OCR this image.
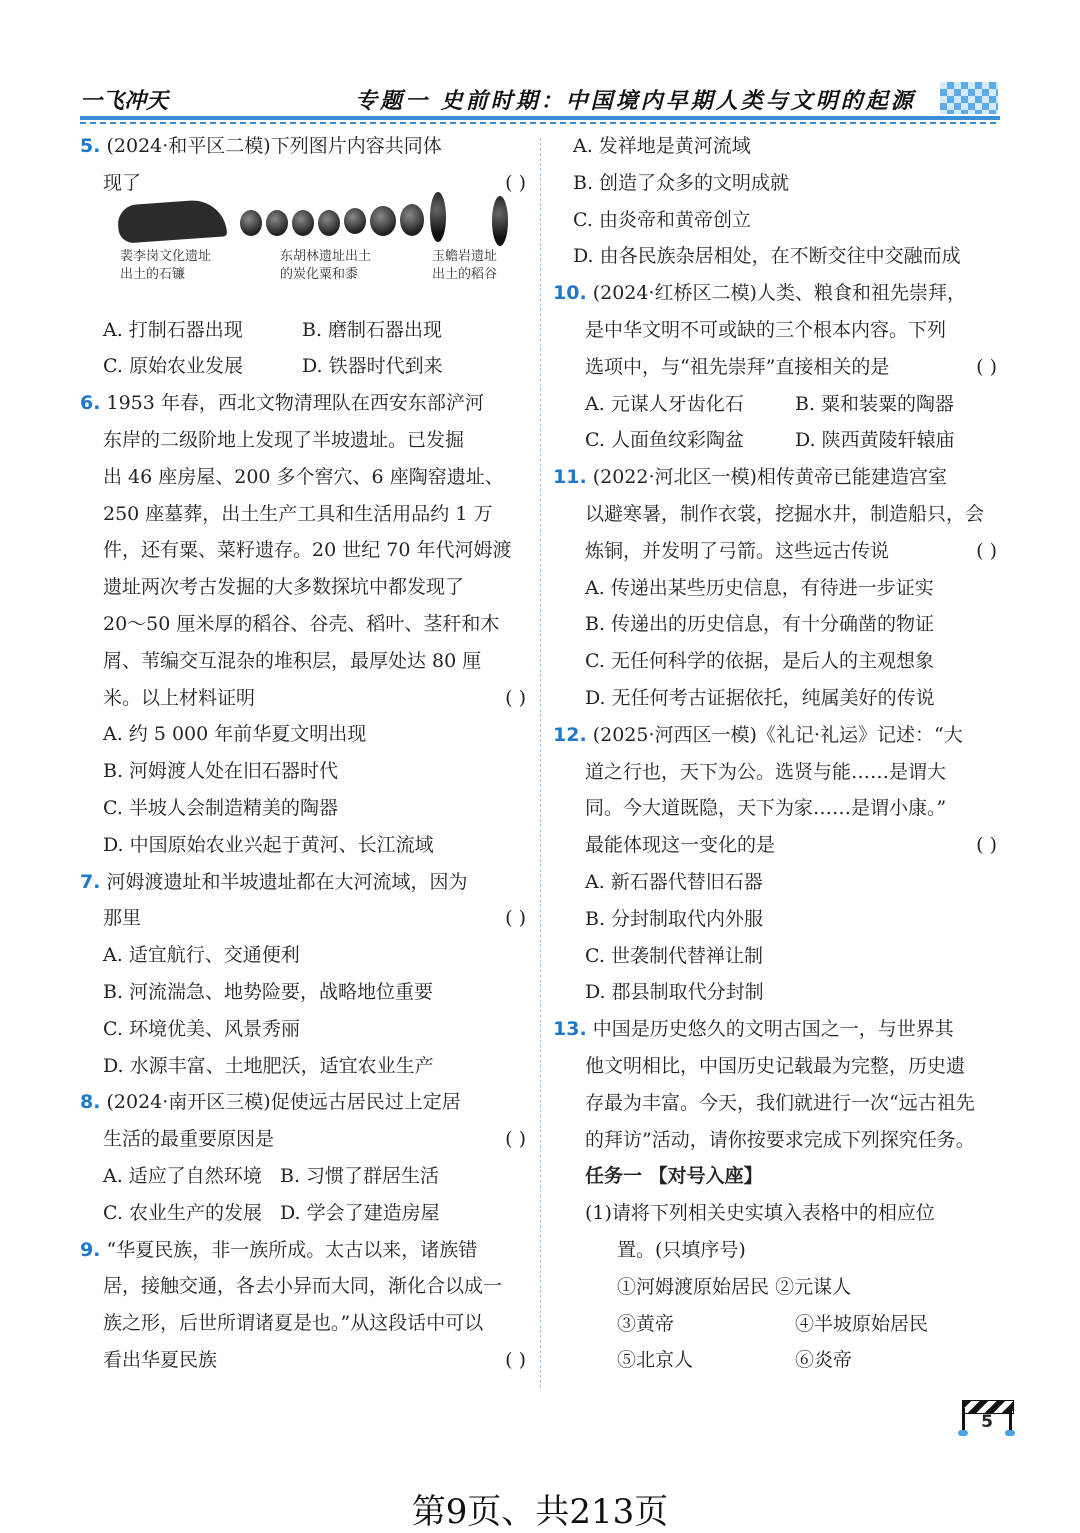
一飞冲天	专题一 史前时期：中国境内早期人类与文明的起源
5. (2024·和平区二模)下列图片内容共同体
现了	( )
裴李岗文化遗址
出土的石镰
东胡林遗址出土
的炭化粟和黍
玉蟾岩遗址
出土的稻谷
A. 打制石器出现	B. 磨制石器出现
C. 原始农业发展	D. 铁器时代到来
6. 1953 年春，西北文物清理队在西安东部浐河
东岸的二级阶地上发现了半坡遗址。已发掘
出 46 座房屋、200 多个窖穴、6 座陶窑遗址、
250 座墓葬，出土生产工具和生活用品约 1 万
件，还有粟、菜籽遗存。20 世纪 70 年代河姆渡
遗址两次考古发掘的大多数探坑中都发现了
20～50 厘米厚的稻谷、谷壳、稻叶、茎秆和木
屑、苇编交互混杂的堆积层，最厚处达 80 厘
米。以上材料证明	( )
A. 约 5 000 年前华夏文明出现
B. 河姆渡人处在旧石器时代
C. 半坡人会制造精美的陶器
D. 中国原始农业兴起于黄河、长江流域
7. 河姆渡遗址和半坡遗址都在大河流域，因为
那里	( )
A. 适宜航行、交通便利
B. 河流湍急、地势险要，战略地位重要
C. 环境优美、风景秀丽
D. 水源丰富、土地肥沃，适宜农业生产
8. (2024·南开区三模)促使远古居民过上定居
生活的最重要原因是	( )
A. 适应了自然环境 B. 习惯了群居生活
C. 农业生产的发展 D. 学会了建造房屋
9. “华夏民族，非一族所成。太古以来，诸族错
居，接触交通，各去小异而大同，渐化合以成一
族之形，后世所谓诸夏是也。”从这段话中可以
看出华夏民族	( )
A. 发祥地是黄河流域
B. 创造了众多的文明成就
C. 由炎帝和黄帝创立
D. 由各民族杂居相处，在不断交往中交融而成
10. (2024·红桥区二模)人类、粮食和祖先崇拜，
是中华文明不可或缺的三个根本内容。下列
选项中，与“祖先崇拜”直接相关的是	( )
A. 元谋人牙齿化石	B. 粟和装粟的陶器
C. 人面鱼纹彩陶盆	D. 陕西黄陵轩辕庙
11. (2022·河北区一模)相传黄帝已能建造宫室
以避寒暑，制作衣裳，挖掘水井，制造船只，会
炼铜，并发明了弓箭。这些远古传说	( )
A. 传递出某些历史信息，有待进一步证实
B. 传递出的历史信息，有十分确凿的物证
C. 无任何科学的依据，是后人的主观想象
D. 无任何考古证据依托，纯属美好的传说
12. (2025·河西区一模)《礼记·礼运》记述：“大
道之行也，天下为公。选贤与能……是谓大
同。今大道既隐，天下为家……是谓小康。”
最能体现这一变化的是	( )
A. 新石器代替旧石器
B. 分封制取代内外服
C. 世袭制代替禅让制
D. 郡县制取代分封制
13. 中国是历史悠久的文明古国之一，与世界其
他文明相比，中国历史记载最为完整，历史遗
存最为丰富。今天，我们就进行一次“远古祖先
的拜访”活动，请你按要求完成下列探究任务。
任务一 【对号入座】
(1)请将下列相关史实填入表格中的相应位
置。(只填序号)
①河姆渡原始居民 ②元谋人
③黄帝	④半坡原始居民
⑤北京人	⑥炎帝
5
第9页、共213页
